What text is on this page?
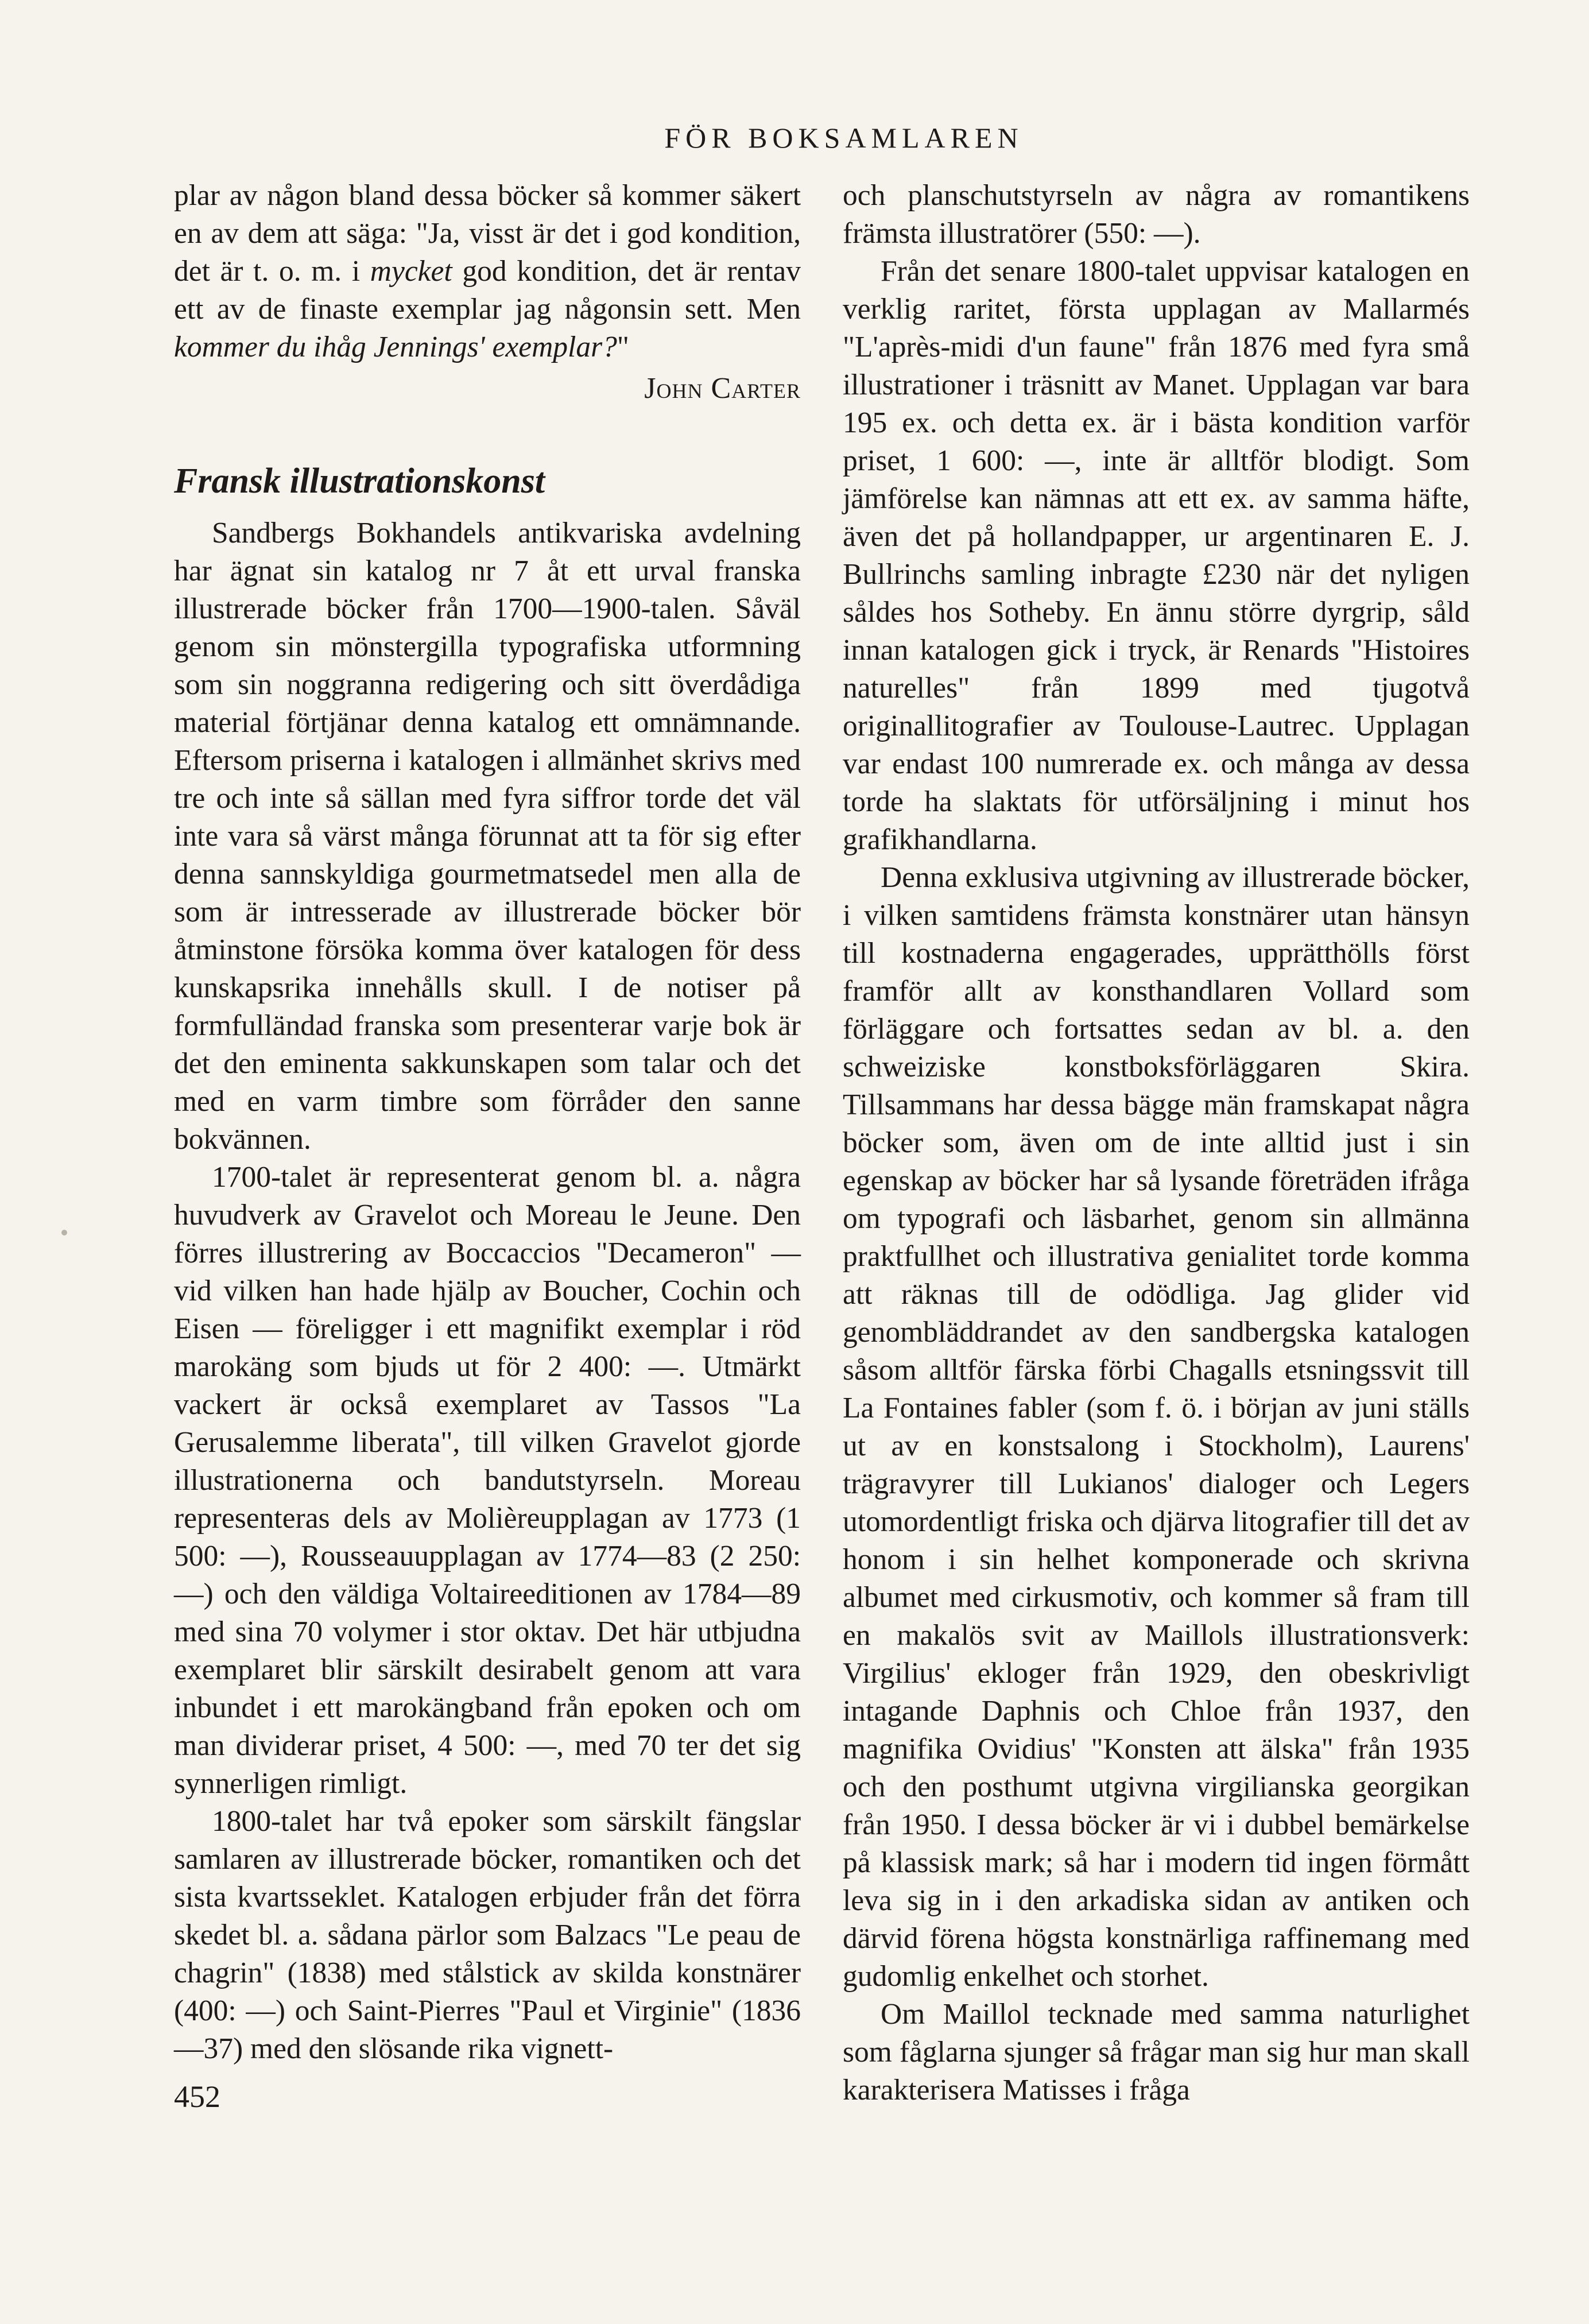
FÖR BOKSAMLAREN

plar av någon bland dessa böcker så kommer säkert en av dem att säga: "Ja, visst är det i god kondition, det är t. o. m. i mycket god kondition, det är rentav ett av de finaste exemplar jag någonsin sett. Men kommer du ihåg Jennings' exemplar?"

John Carter

Fransk illustrationskonst

Sandbergs Bokhandels antikvariska avdelning har ägnat sin katalog nr 7 åt ett urval franska illustrerade böcker från 1700—1900-talen. Såväl genom sin mönstergilla typografiska utformning som sin noggranna redigering och sitt överdådiga material förtjänar denna katalog ett omnämnande. Eftersom priserna i katalogen i allmänhet skrivs med tre och inte så sällan med fyra siffror torde det väl inte vara så värst många förunnat att ta för sig efter denna sannskyldiga gourmetmatsedel men alla de som är intresserade av illustrerade böcker bör åtminstone försöka komma över katalogen för dess kunskapsrika innehålls skull. I de notiser på formfulländad franska som presenterar varje bok är det den eminenta sakkunskapen som talar och det med en varm timbre som förråder den sanne bokvännen.

1700-talet är representerat genom bl. a. några huvudverk av Gravelot och Moreau le Jeune. Den förres illustrering av Boccaccios "Decameron" — vid vilken han hade hjälp av Boucher, Cochin och Eisen — föreligger i ett magnifikt exemplar i röd marokäng som bjuds ut för 2 400: —. Utmärkt vackert är också exemplaret av Tassos "La Gerusalemme liberata", till vilken Gravelot gjorde illustrationerna och bandutstyrseln. Moreau representeras dels av Molièreupplagan av 1773 (1 500: —), Rousseauupplagan av 1774—83 (2 250: —) och den väldiga Voltaireeditionen av 1784—89 med sina 70 volymer i stor oktav. Det här utbjudna exemplaret blir särskilt desirabelt genom att vara inbundet i ett marokängband från epoken och om man dividerar priset, 4 500: —, med 70 ter det sig synnerligen rimligt.

1800-talet har två epoker som särskilt fängslar samlaren av illustrerade böcker, romantiken och det sista kvartsseklet. Katalogen erbjuder från det förra skedet bl. a. sådana pärlor som Balzacs "Le peau de chagrin" (1838) med stålstick av skilda konstnärer (400: —) och Saint-Pierres "Paul et Virginie" (1836—37) med den slösande rika vignett-

och planschutstyrseln av några av romantikens främsta illustratörer (550: —).

Från det senare 1800-talet uppvisar katalogen en verklig raritet, första upplagan av Mallarmés "L'après-midi d'un faune" från 1876 med fyra små illustrationer i träsnitt av Manet. Upplagan var bara 195 ex. och detta ex. är i bästa kondition varför priset, 1 600: —, inte är alltför blodigt. Som jämförelse kan nämnas att ett ex. av samma häfte, även det på hollandpapper, ur argentinaren E. J. Bullrinchs samling inbragte £230 när det nyligen såldes hos Sotheby. En ännu större dyrgrip, såld innan katalogen gick i tryck, är Renards "Histoires naturelles" från 1899 med tjugotvå originallitografier av Toulouse-Lautrec. Upplagan var endast 100 numrerade ex. och många av dessa torde ha slaktats för utförsäljning i minut hos grafikhandlarna.

Denna exklusiva utgivning av illustrerade böcker, i vilken samtidens främsta konstnärer utan hänsyn till kostnaderna engagerades, upprätthölls först framför allt av konsthandlaren Vollard som förläggare och fortsattes sedan av bl. a. den schweiziske konstboksförläggaren Skira. Tillsammans har dessa bägge män framskapat några böcker som, även om de inte alltid just i sin egenskap av böcker har så lysande företräden ifråga om typografi och läsbarhet, genom sin allmänna praktfullhet och illustrativa genialitet torde komma att räknas till de odödliga. Jag glider vid genombläddrandet av den sandbergska katalogen såsom alltför färska förbi Chagalls etsningssvit till La Fontaines fabler (som f. ö. i början av juni ställs ut av en konstsalong i Stockholm), Laurens' trägravyrer till Lukianos' dialoger och Legers utomordentligt friska och djärva litografier till det av honom i sin helhet komponerade och skrivna albumet med cirkusmotiv, och kommer så fram till en makalös svit av Maillols illustrationsverk: Virgilius' ekloger från 1929, den obeskrivligt intagande Daphnis och Chloe från 1937, den magnifika Ovidius' "Konsten att älska" från 1935 och den posthumt utgivna virgilianska georgikan från 1950. I dessa böcker är vi i dubbel bemärkelse på klassisk mark; så har i modern tid ingen förmått leva sig in i den arkadiska sidan av antiken och därvid förena högsta konstnärliga raffinemang med gudomlig enkelhet och storhet.

Om Maillol tecknade med samma naturlighet som fåglarna sjunger så frågar man sig hur man skall karakterisera Matisses i fråga

452
